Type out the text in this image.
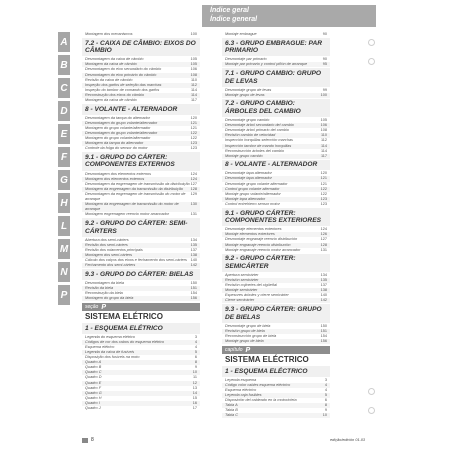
Índice geral
Índice general
A
B
C
D
E
F
G
H
L
M
N
P
Montagem dos mecanismos	100
7.2 - CAIXA DE CÂMBIO: EIXOS DO CÂMBIO
Desmontagem da caixa de câmbio	105
Montagem da caixa de câmbio	105
Desmontagem do eixo secundário do câmbio	106
Desmontagem do eixo primário do câmbio	108
Revisão da caixa de câmbio	110
Inspeção dos garfos de seleção das marchas	112
Inspeção do tambor de comando dos garfos	114
Reconstrução dos eixos do câmbio	114
Montagem da caixa de câmbio	117
8 - VOLANTE - ALTERNADOR
Desmontagem da tampa do alternador	120
Desmontagem do grupo volante/alternador	121
Montagem do grupo volante/alternador	121
Desmontagem do grupo volante/alternador	122
Montagem do grupo volante/alternador	122
Montagem da tampa do alternador	123
Controle da folga do sensor do motor	123
9.1 - GRUPO DO CÁRTER: COMPONENTES EXTERNOS
Desmontagem dos elementos externos	124
Montagem dos elementos externos	124
Desmontagem da engrenagem de transmissão da distribuição 127
Montagem da engrenagem da transmissão da distribuição 128
Desmontagem da engrenagem de transmissão do motor de arranque
129
Montagem da engrenagem de transmissão do motor de arranque
130
Montagem engrenagem reenvio motor arrancador	131
9.2 - GRUPO DO CÁRTER: SEMI-CÁRTERS
Abertura dos semi-cárters	134
Revisão dos semi-cárters	135
Revisão dos rolamentos principais	137
Montagem dos semi-cárters	138
Cálculo dos calços dos eixos e fechamento dos semi-cárters 140
Fechamento dos semi-cárters	142
9.3 - GRUPO DO CÁRTER: BIELAS
Desmontagem da biela	150
Revisão da biela	151
Reconstrução da biela	154
Montagem do grupo da biela	156
seção P
SISTEMA ELÉTRICO
1 - ESQUEMA ELÉTRICO
Legenda do esquema elétrico	3
Códigos de cor dos cabos do esquema elétrico	4
Esquema elétrico	4
Legenda da caixa de fusíveis	5
Disposição dos fusíveis na moto	6
Quadro A	8
Quadro B	9
Quadro C	10
Quadro D	11
Quadro E	12
Quadro F	13
Quadro G	14
Quadro H	15
Quadro I	16
Quadro J	17
Montaje embrague	90
6.3 - GRUPO EMBRAGUE: PAR PRIMARIO
Desmontaje par primario	90
Montaje par primario y control piñón de arranque	95
7.1 - GRUPO CAMBIO: GRUPO DE LEVAS
Desmontaje grupo de levas	99
Montaje grupo de levas	100
7.2 - GRUPO CAMBIO: ÁRBOLES DEL CAMBIO
Desmontaje grupo cambio	105
Desmontaje árbol secundario del cambio	106
Desmontaje árbol primario del cambio	108
Revisión cambio de velocidad	110
Inspección horquillas selección marchas	112
Inspección tambor de mando horquillas	114
Reconstrucción árboles del cambio	114
Montaje grupo cambio	117
8 - VOLANTE - ALTERNADOR
Desmontaje tapa alternador	120
Desmontaje tapa alternador	121
Desmontaje grupo volante alternador	121
Control grupo volante alternador	122
Montaje grupo volante/alternador	122
Montaje tapa alternador	123
Control entrehierro sensor motor	123
9.1 - GRUPO CÁRTER: COMPONENTES EXTERIORES
Desmontaje elementos exteriores	124
Montaje elementos exteriores	126
Desmontaje engranaje reenvío distribución	127
Montaje engranaje reenvío distribución	128
Montaje engranaje reenvío motor arrancador	131
9.2 - GRUPO CÁRTER: SEMICÁRTER
Apertura semicárter	134
Revisión semicárter	135
Revisión cojinetes del cigüeñal	137
Montaje semicárter	138
Espesores árboles y cierre semicárter	140
Cierre semicárter	142
9.3 - GRUPO CÁRTER: GRUPO DE BIELAS
Desmontaje grupo de biela	150
Revisión grupo de biela	151
Reconstrucción grupo de biela	154
Montaje grupo de biela	156
capítulo P
SISTEMA ELÉCTRICO
1 - ESQUEMA ELÉCTRICO
Leyenda esquema	3
Código color cables esquema eléctrico	4
Esquema eléctrico	4
Leyenda caja fusibles	5
Disposición del cableado en la motocicleta	6
Tabla A	8
Tabla B	9
Tabla C	10
8	edição/edición 01-03
